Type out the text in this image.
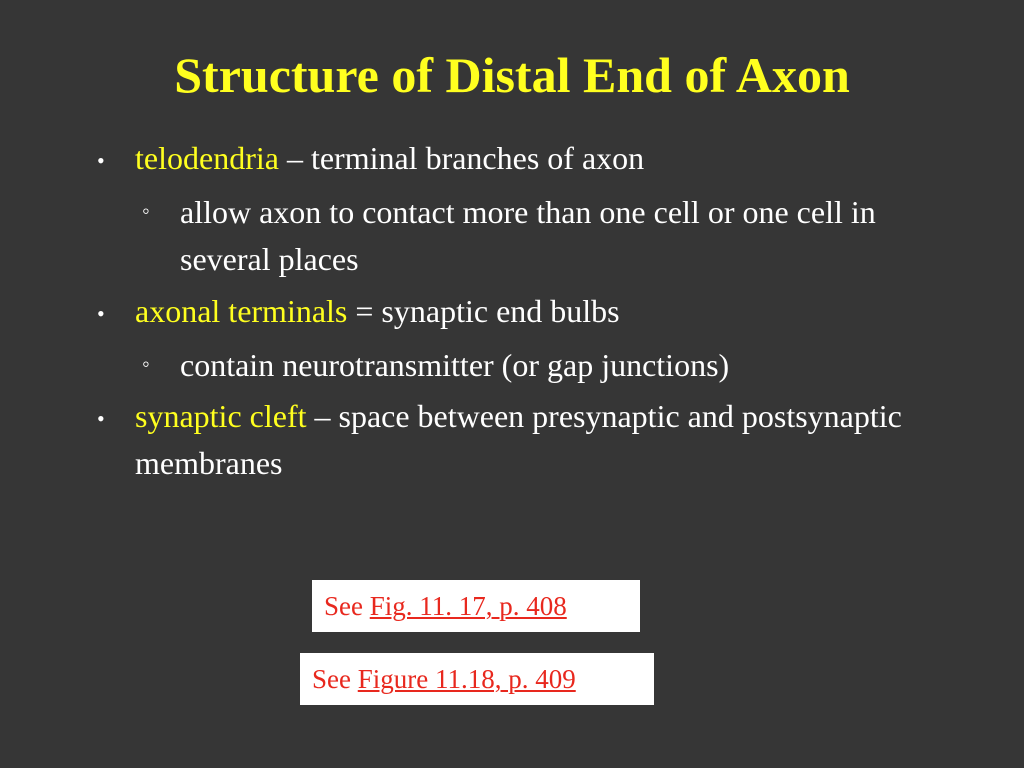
Structure of Distal End of Axon
• telodendria – terminal branches of axon
◦ allow axon to contact more than one cell or one cell in several places
• axonal terminals = synaptic end bulbs
◦ contain neurotransmitter (or gap junctions)
• synaptic cleft – space between presynaptic and postsynaptic membranes
See Fig. 11. 17, p. 408
See Figure 11.18, p. 409
